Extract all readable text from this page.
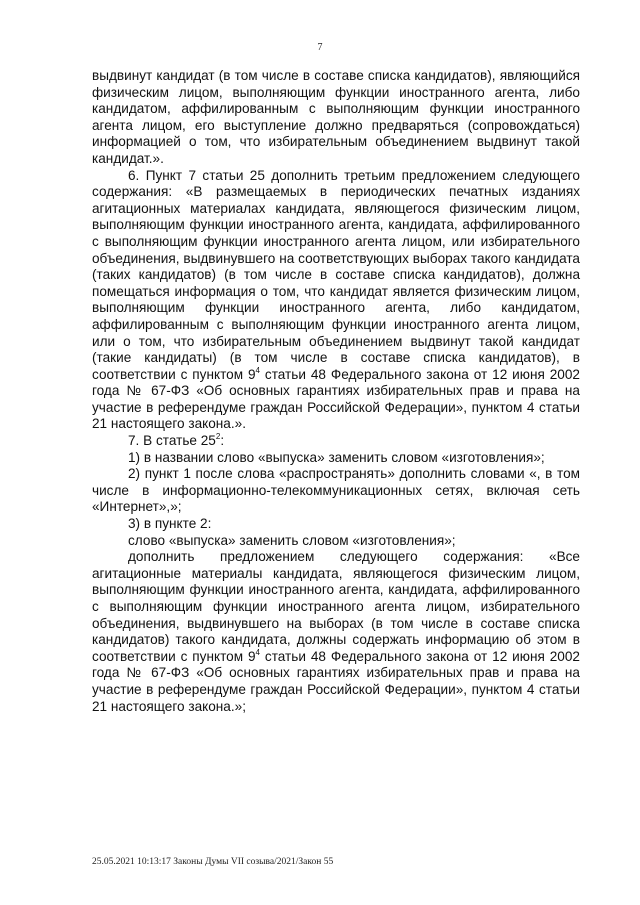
7

выдвинут кандидат (в том числе в составе списка кандидатов), являющийся физическим лицом, выполняющим функции иностранного агента, либо кандидатом, аффилированным с выполняющим функции иностранного агента лицом, его выступление должно предваряться (сопровождаться) информацией о том, что избирательным объединением выдвинут такой кандидат.».

6. Пункт 7 статьи 25 дополнить третьим предложением следующего содержания: «В размещаемых в периодических печатных изданиях агитационных материалах кандидата, являющегося физическим лицом, выполняющим функции иностранного агента, кандидата, аффилированного с выполняющим функции иностранного агента лицом, или избирательного объединения, выдвинувшего на соответствующих выборах такого кандидата (таких кандидатов) (в том числе в составе списка кандидатов), должна помещаться информация о том, что кандидат является физическим лицом, выполняющим функции иностранного агента, либо кандидатом, аффилированным с выполняющим функции иностранного агента лицом, или о том, что избирательным объединением выдвинут такой кандидат (такие кандидаты) (в том числе в составе списка кандидатов), в соответствии с пунктом $9^4$ статьи 48 Федерального закона от 12 июня 2002 года № 67-ФЗ «Об основных гарантиях избирательных прав и права на участие в референдуме граждан Российской Федерации», пунктом 4 статьи 21 настоящего закона.».

7. В статье $25^2$:

1) в названии слово «выпуска» заменить словом «изготовления»;

2) пункт 1 после слова «распространять» дополнить словами «, в том числе в информационно-телекоммуникационных сетях, включая сеть «Интернет»,»;

3) в пункте 2:

слово «выпуска» заменить словом «изготовления»;

дополнить предложением следующего содержания: «Все агитационные материалы кандидата, являющегося физическим лицом, выполняющим функции иностранного агента, кандидата, аффилированного с выполняющим функции иностранного агента лицом, избирательного объединения, выдвинувшего на выборах (в том числе в составе списка кандидатов) такого кандидата, должны содержать информацию об этом в соответствии с пунктом $9^4$ статьи 48 Федерального закона от 12 июня 2002 года № 67-ФЗ «Об основных гарантиях избирательных прав и права на участие в референдуме граждан Российской Федерации», пунктом 4 статьи 21 настоящего закона.»;

25.05.2021 10:13:17 Законы Думы VII созыва/2021/Закон 55
